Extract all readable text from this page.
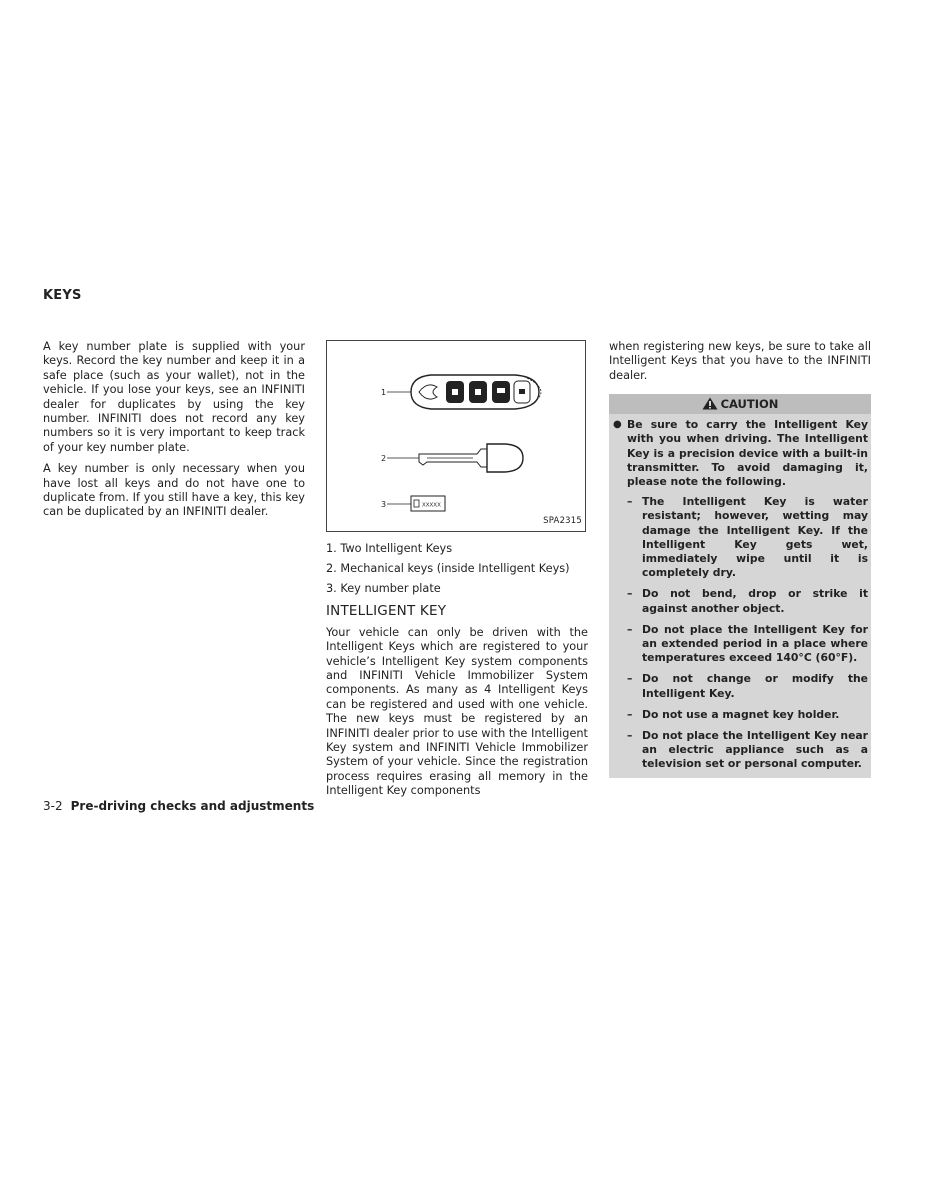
KEYS

A key number plate is supplied with your keys. Record the key number and keep it in a safe place (such as your wallet), not in the vehicle. If you lose your keys, see an INFINITI dealer for duplicates by using the key number. INFINITI does not record any key numbers so it is very important to keep track of your key number plate.

A key number is only necessary when you have lost all keys and do not have one to duplicate from. If you still have a key, this key can be duplicated by an INFINITI dealer.

1
2
3	XXXXX
SPA2315
1. Two Intelligent Keys
2. Mechanical keys (inside Intelligent Keys)
3. Key number plate
INTELLIGENT KEY

Your vehicle can only be driven with the Intelligent Keys which are registered to your vehicle’s Intelligent Key system components and INFINITI Vehicle Immobilizer System components. As many as 4 Intelligent Keys can be registered and used with one vehicle. The new keys must be registered by an INFINITI dealer prior to use with the Intelligent Key system and INFINITI Vehicle Immobilizer System of your vehicle. Since the registration process requires erasing all memory in the Intelligent Key components

when registering new keys, be sure to take all Intelligent Keys that you have to the INFINITI dealer.

CAUTION
● Be sure to carry the Intelligent Key with you when driving. The Intelligent Key is a precision device with a built-in transmitter. To avoid damaging it, please note the following.
– The Intelligent Key is water resistant; however, wetting may damage the Intelligent Key. If the Intelligent Key gets wet, immediately wipe until it is completely dry.
– Do not bend, drop or strike it against another object.
– Do not place the Intelligent Key for an extended period in a place where temperatures exceed 140°C (60°F).
– Do not change or modify the Intelligent Key.
– Do not use a magnet key holder.
– Do not place the Intelligent Key near an electric appliance such as a television set or personal computer.
3-2 Pre-driving checks and adjustments
